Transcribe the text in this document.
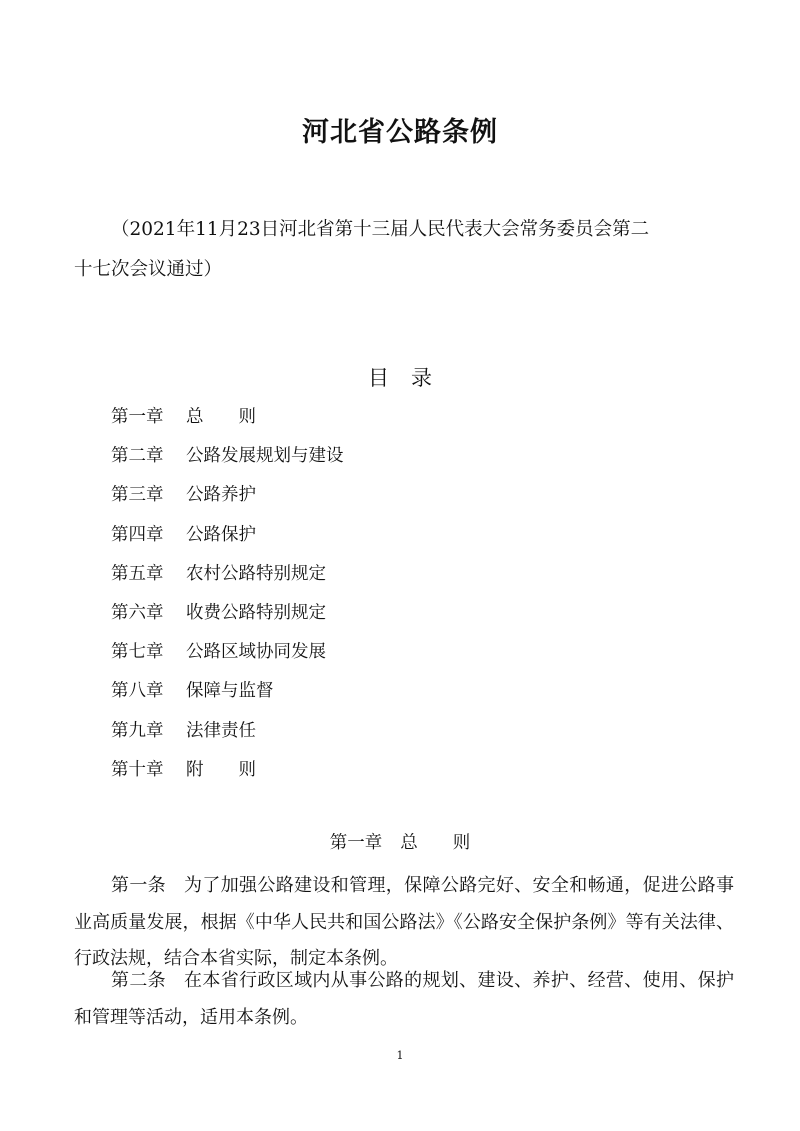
河北省公路条例
（2021年11月23日河北省第十三届人民代表大会常务委员会第二
十七次会议通过）
目 录
第一章 总　　则
第二章 公路发展规划与建设
第三章 公路养护
第四章 公路保护
第五章 农村公路特别规定
第六章 收费公路特别规定
第七章 公路区域协同发展
第八章 保障与监督
第九章 法律责任
第十章 附　　则
第一章 总　　则
第一条 为了加强公路建设和管理，保障公路完好、安全和畅通，促进公路事业高质量发展，根据《中华人民共和国公路法》《公路安全保护条例》等有关法律、行政法规，结合本省实际，制定本条例。
第二条 在本省行政区域内从事公路的规划、建设、养护、经营、使用、保护和管理等活动，适用本条例。
1
